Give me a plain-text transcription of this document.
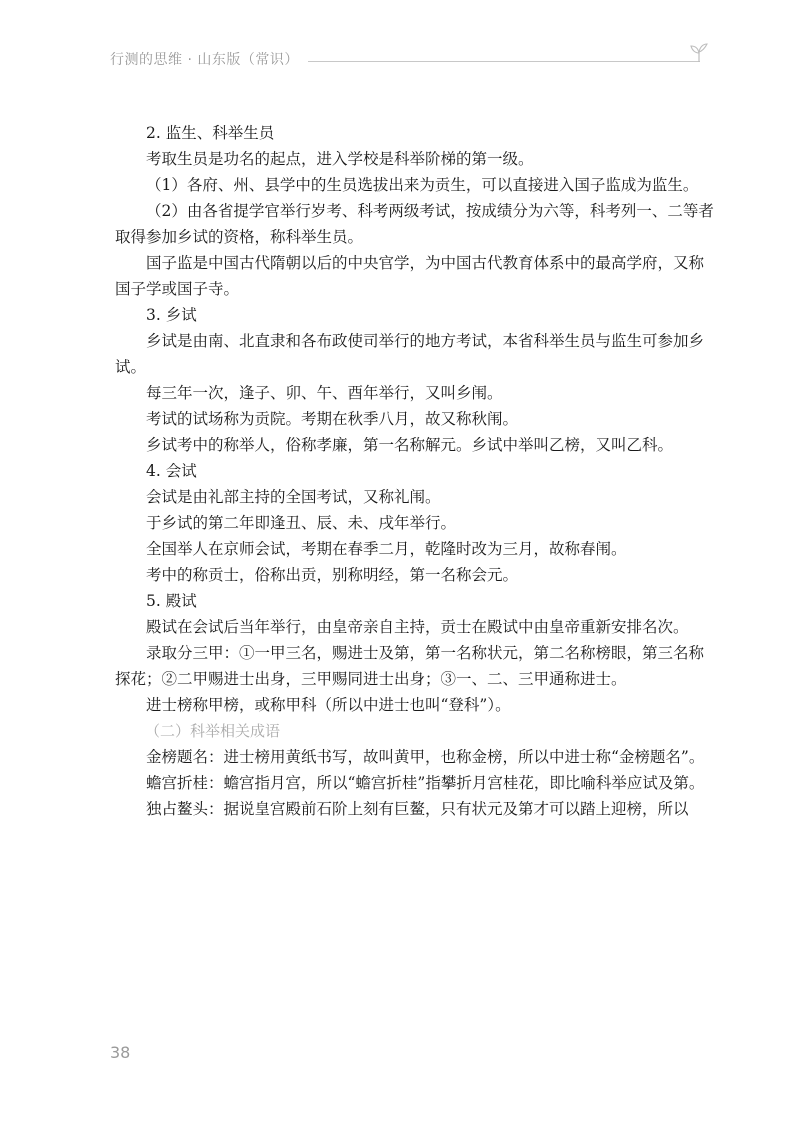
行测的思维 · 山东版（常识）

2. 监生、科举生员

考取生员是功名的起点，进入学校是科举阶梯的第一级。

（1）各府、州、县学中的生员选拔出来为贡生，可以直接进入国子监成为监生。

（2）由各省提学官举行岁考、科考两级考试，按成绩分为六等，科考列一、二等者取得参加乡试的资格，称科举生员。

国子监是中国古代隋朝以后的中央官学，为中国古代教育体系中的最高学府，又称国子学或国子寺。

3. 乡试

乡试是由南、北直隶和各布政使司举行的地方考试，本省科举生员与监生可参加乡试。

每三年一次，逢子、卯、午、酉年举行，又叫乡闱。

考试的试场称为贡院。考期在秋季八月，故又称秋闱。

乡试考中的称举人，俗称孝廉，第一名称解元。乡试中举叫乙榜，又叫乙科。

4. 会试

会试是由礼部主持的全国考试，又称礼闱。

于乡试的第二年即逢丑、辰、未、戌年举行。

全国举人在京师会试，考期在春季二月，乾隆时改为三月，故称春闱。

考中的称贡士，俗称出贡，别称明经，第一名称会元。

5. 殿试

殿试在会试后当年举行，由皇帝亲自主持，贡士在殿试中由皇帝重新安排名次。

录取分三甲：①一甲三名，赐进士及第，第一名称状元，第二名称榜眼，第三名称探花；②二甲赐进士出身，三甲赐同进士出身；③一、二、三甲通称进士。

进士榜称甲榜，或称甲科（所以中进士也叫“登科”）。

（二）科举相关成语

金榜题名：进士榜用黄纸书写，故叫黄甲，也称金榜，所以中进士称“金榜题名”。

蟾宫折桂：蟾宫指月宫，所以“蟾宫折桂”指攀折月宫桂花，即比喻科举应试及第。

独占鳌头：据说皇宫殿前石阶上刻有巨鳌，只有状元及第才可以踏上迎榜，所以

38
